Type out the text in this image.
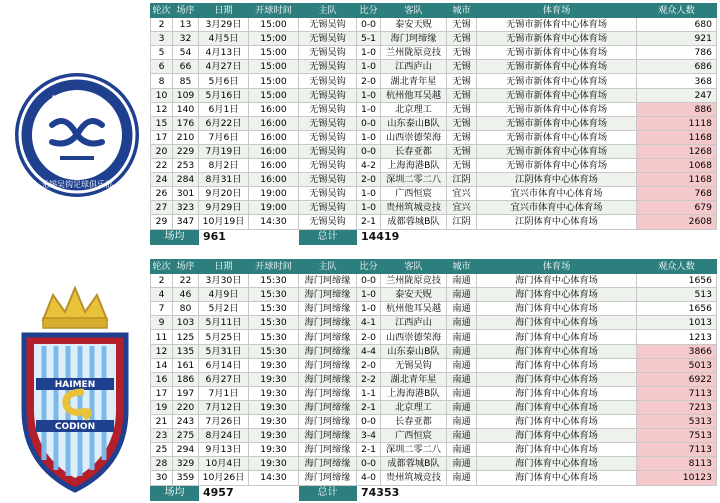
WUGO
无锡吴钩足球俱乐部
HAIMEN
CODION
轮次	场序	日期	开球时间	主队	比分	客队	城市	体育场	观众人数
2	13	3月29日	15:00	无锡吴钩	0-0	泰安天贶	无锡	无锡市新体育中心体育场	680
3	32	4月5日	15:00	无锡吴钩	5-1	海门珂缔缘	无锡	无锡市新体育中心体育场	921
5	54	4月13日	15:00	无锡吴钩	1-0	兰州陇原竞技	无锡	无锡市新体育中心体育场	786
6	66	4月27日	15:00	无锡吴钩	1-0	江西庐山	无锡	无锡市新体育中心体育场	686
8	85	5月6日	15:00	无锡吴钩	2-0	湖北青年星	无锡	无锡市新体育中心体育场	368
10	109	5月16日	15:00	无锡吴钩	1-0	杭州他耳吴越	无锡	无锡市新体育中心体育场	247
12	140	6月1日	16:00	无锡吴钩	1-0	北京理工	无锡	无锡市新体育中心体育场	886
15	176	6月22日	16:00	无锡吴钩	0-0	山东泰山B队	无锡	无锡市新体育中心体育场	1118
17	210	7月6日	16:00	无锡吴钩	1-0	山西崇德荣海	无锡	无锡市新体育中心体育场	1168
20	229	7月19日	16:00	无锡吴钩	0-0	长春亚都	无锡	无锡市新体育中心体育场	1268
22	253	8月2日	16:00	无锡吴钩	4-2	上海海港B队	无锡	无锡市新体育中心体育场	1068
24	284	8月31日	16:00	无锡吴钩	2-0	深圳二零二八	江阴	江阴体育中心体育场	1168
26	301	9月20日	19:00	无锡吴钩	1-0	广西恒宸	宜兴	宜兴市体育中心体育场	768
27	323	9月29日	19:00	无锡吴钩	1-0	贵州筑城竞技	宜兴	宜兴市体育中心体育场	679
29	347	10月19日	14:30	无锡吴钩	2-1	成都蓉城B队	江阴	江阴体育中心体育场	2608
场均		961		总计	14419				
轮次	场序	日期	开球时间	主队	比分	客队	城市	体育场	观众人数
2	22	3月30日	15:30	海门珂缔缘	0-0	兰州陇原竞技	南通	海门体育中心体育场	1656
4	46	4月9日	15:30	海门珂缔缘	1-0	泰安天贶	南通	海门体育中心体育场	513
7	80	5月2日	15:30	海门珂缔缘	1-0	杭州他耳吴越	南通	海门体育中心体育场	1656
9	103	5月11日	15:30	海门珂缔缘	4-1	江西庐山	南通	海门体育中心体育场	1013
11	125	5月25日	15:30	海门珂缔缘	2-0	山西崇德荣海	南通	海门体育中心体育场	1213
12	135	5月31日	15:30	海门珂缔缘	4-4	山东泰山B队	南通	海门体育中心体育场	3866
14	161	6月14日	19:30	海门珂缔缘	2-0	无锡吴钩	南通	海门体育中心体育场	5013
16	186	6月27日	19:30	海门珂缔缘	2-2	湖北青年星	南通	海门体育中心体育场	6922
17	197	7月1日	19:30	海门珂缔缘	1-1	上海海港B队	南通	海门体育中心体育场	7113
19	220	7月12日	19:30	海门珂缔缘	2-1	北京理工	南通	海门体育中心体育场	7213
21	243	7月26日	19:30	海门珂缔缘	0-0	长春亚都	南通	海门体育中心体育场	5313
23	275	8月24日	19:30	海门珂缔缘	3-4	广西恒宸	南通	海门体育中心体育场	7513
25	294	9月13日	19:30	海门珂缔缘	2-1	深圳二零二八	南通	海门体育中心体育场	7113
28	329	10月4日	19:30	海门珂缔缘	0-0	成都蓉城B队	南通	海门体育中心体育场	8113
30	359	10月26日	14:30	海门珂缔缘	4-0	贵州筑城竞技	南通	海门体育中心体育场	10123
场均		4957		总计	74353				
